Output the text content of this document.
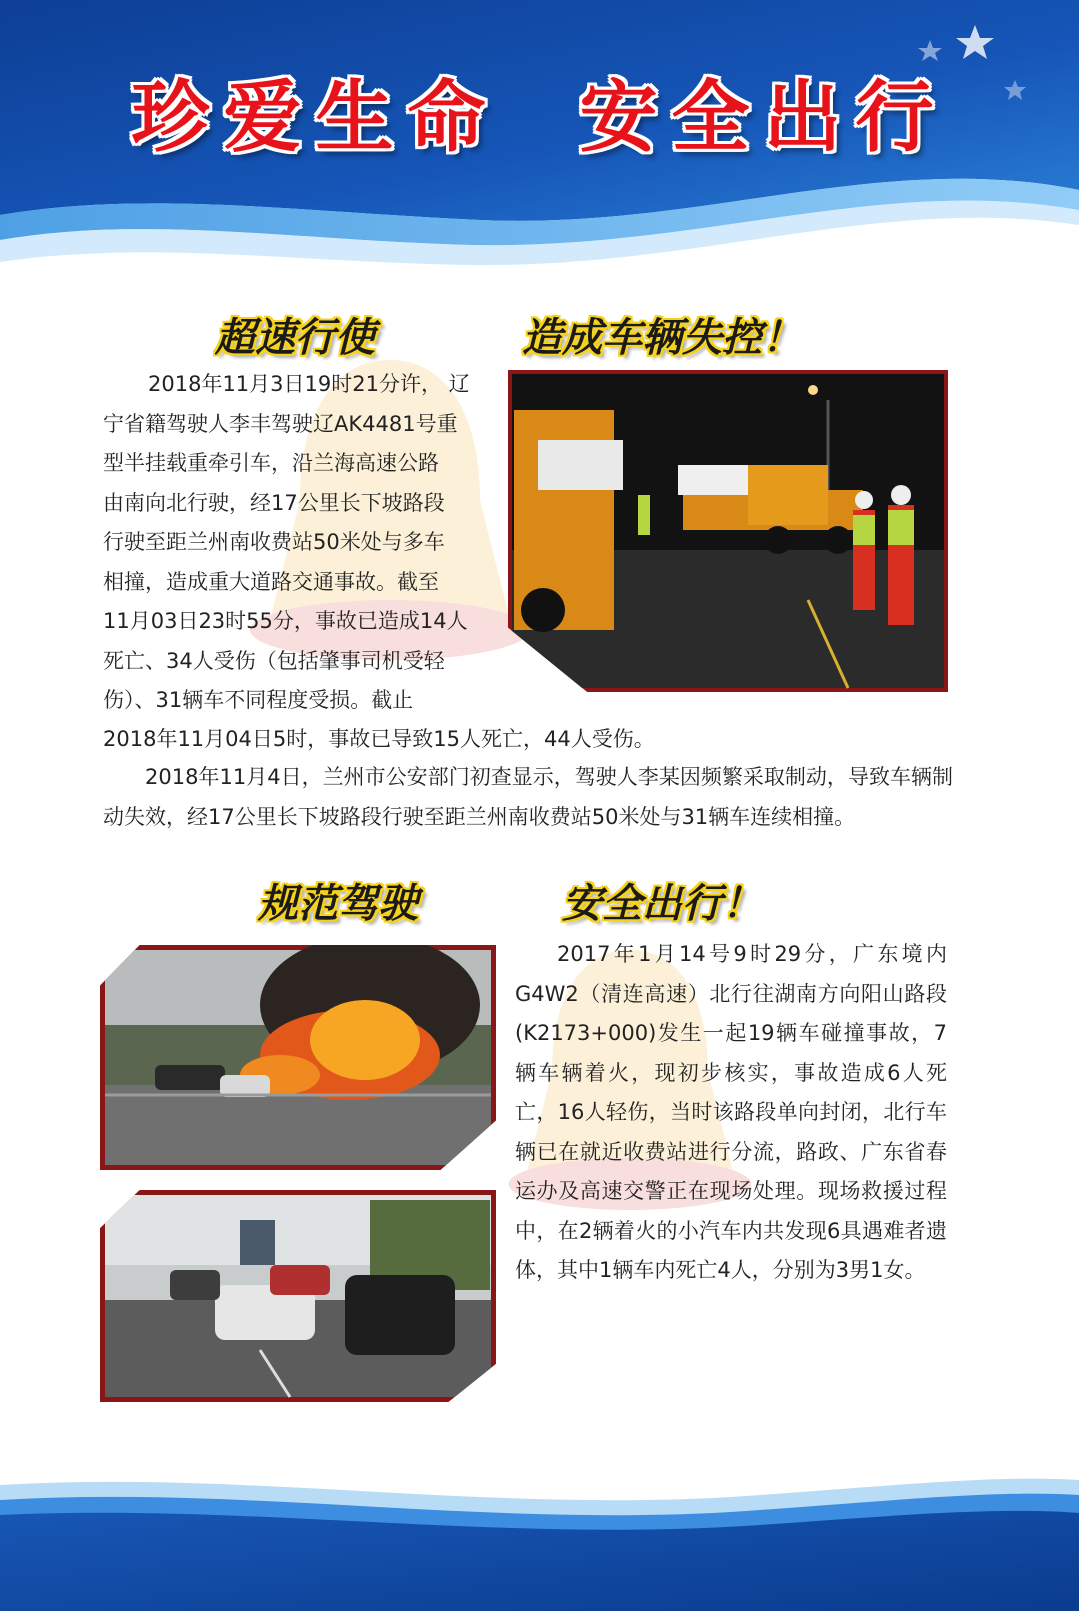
珍爱生命 安全出行
超速行使	造成车辆失控！
2018年11月3日19时21分许， 辽
宁省籍驾驶人李丰驾驶辽AK4481号重
型半挂载重牵引车，沿兰海高速公路
由南向北行驶，经17公里长下坡路段
行驶至距兰州南收费站50米处与多车
相撞，造成重大道路交通事故。截至
11月03日23时55分，事故已造成14人
死亡、34人受伤（包括肇事司机受轻
伤）、31辆车不同程度受损。截止
2018年11月04日5时，事故已导致15人死亡，44人受伤。

2018年11月4日，兰州市公安部门初查显示，驾驶人李某因频繁采取制动，导致车辆制动失效，经17公里长下坡路段行驶至距兰州南收费站50米处与31辆车连续相撞。

规范驾驶	安全出行！

2017年1月14号9时29分，广东境内G4W2（清连高速）北行往湖南方向阳山路段(K2173+000)发生一起19辆车碰撞事故，7辆车辆着火，现初步核实，事故造成6人死亡，16人轻伤，当时该路段单向封闭，北行车辆已在就近收费站进行分流，路政、广东省春运办及高速交警正在现场处理。现场救援过程中，在2辆着火的小汽车内共发现6具遇难者遗体，其中1辆车内死亡4人，分别为3男1女。
